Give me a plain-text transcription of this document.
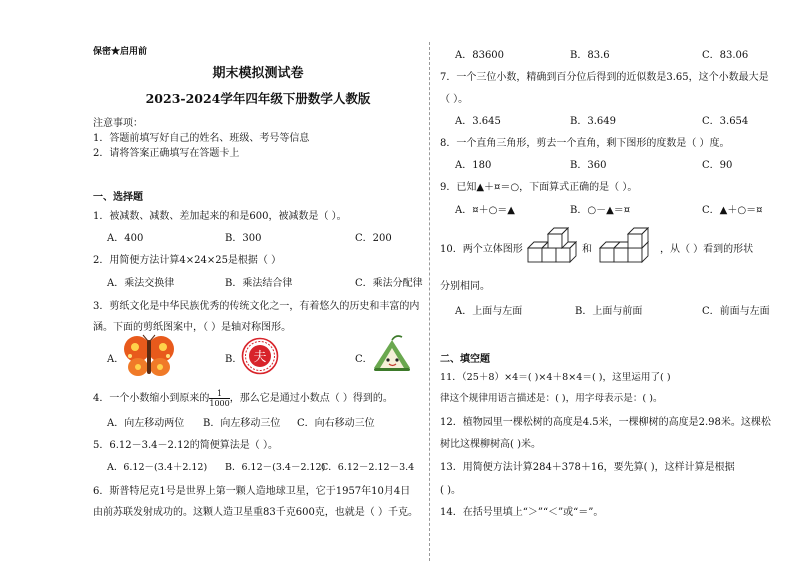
保密★启用前
期末模拟测试卷
2023-2024学年四年级下册数学人教版
注意事项：
1．答题前填写好自己的姓名、班级、考号等信息
2．请将答案正确填写在答题卡上
一、选择题
1．被减数、减数、差加起来的和是600，被减数是（ ）。
A．400	B．300	C．200
2．用简便方法计算4×24×25是根据（ ）
A．乘法交换律	B．乘法结合律	C．乘法分配律
3．剪纸文化是中华民族优秀的传统文化之一，有着悠久的历史和丰富的内
涵。下面的剪纸图案中，（ ）是轴对称图形。
A．	B． 夫	C．
4．一个小数缩小到原来的 $\frac{1}{1000}$ ，那么它是通过小数点（ ）得到的。
A．向左移动两位 B．向左移动三位 C．向右移动三位
5．6.12－3.4－2.12的简便算法是（ ）。
A．6.12－(3.4＋2.12) B．6.12－(3.4－2.12)
C．6.12－2.12－3.4
6．斯普特尼克1号是世界上第一颗人造地球卫星，它于1957年10月4日
由前苏联发射成功的。这颗人造卫星重83千克600克，也就是（ ）千克。
A．83600	B．83.6	C．83.06
7．一个三位小数，精确到百分位后得到的近似数是3.65，这个小数最大是
（ ）。
A．3.645	B．3.649	C．3.654
8．一个直角三角形，剪去一个直角，剩下图形的度数是（ ）度。
A．180	B．360	C．90
9．已知▲＋¤＝○，下面算式正确的是（ ）。
A．¤＋○＝▲	B．○－▲＝¤	C．▲＋○＝¤
10．两个立体图形	和	，从（ ）看到的形状
分别相同。
A．上面与左面	B．上面与前面	C．前面与左面
二、填空题
11．（25＋8）×4＝( )×4＋8×4＝( )，这里运用了( )
律这个规律用语言描述是：( )，用字母表示是：( )。
12．植物园里一棵松树的高度是4.5米，一棵柳树的高度是2.98米。这棵松
树比这棵柳树高( )米。
13．用简便方法计算284＋378＋16，要先算( )，这样计算是根据
( )。
14．在括号里填上“＞”“＜”或“＝”。
